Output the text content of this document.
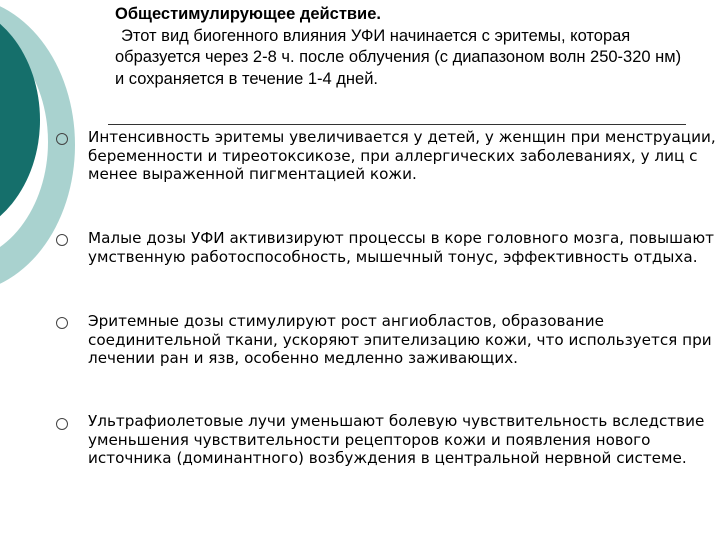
Общестимулирующее действие.
Этот вид биогенного влияния УФИ начинается с эритемы, которая образуется через 2-8 ч. после облучения (с диапазоном волн 250-320 нм) и сохраняется в течение 1-4 дней.
Интенсивность эритемы увеличивается у детей, у женщин при менструации, беременности и тиреотоксикозе, при аллергических заболеваниях, у лиц с менее выраженной пигментацией кожи.
Малые дозы УФИ активизируют процессы в коре головного мозга, повышают умственную работоспособность, мышечный тонус, эффективность отдыха.
Эритемные дозы стимулируют рост ангиобластов, образование соединительной ткани, ускоряют эпителизацию кожи, что используется при лечении ран и язв, особенно медленно заживающих.
Ультрафиолетовые лучи уменьшают болевую чувствительность вследствие уменьшения чувствительности рецепторов кожи и появления нового источника (доминантного) возбуждения в центральной нервной системе.
